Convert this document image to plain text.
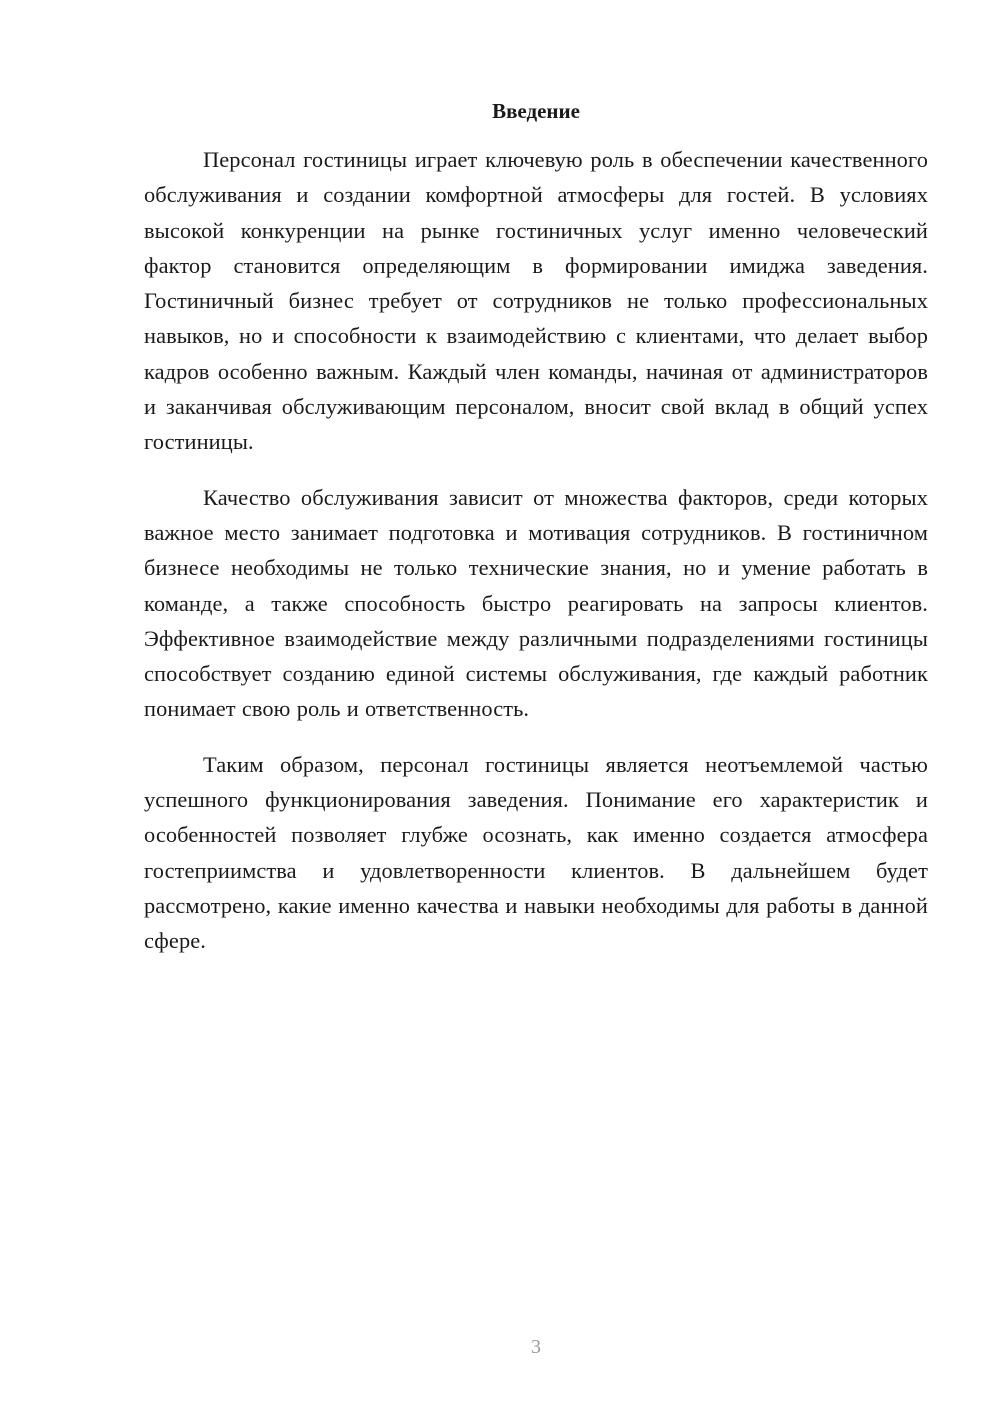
Введение

Персонал гостиницы играет ключевую роль в обеспечении качественного обслуживания и создании комфортной атмосферы для гостей. В условиях высокой конкуренции на рынке гостиничных услуг именно человеческий фактор становится определяющим в формировании имиджа заведения. Гостиничный бизнес требует от сотрудников не только профессиональных навыков, но и способности к взаимодействию с клиентами, что делает выбор кадров особенно важным. Каждый член команды, начиная от администраторов и заканчивая обслуживающим персоналом, вносит свой вклад в общий успех гостиницы.

Качество обслуживания зависит от множества факторов, среди которых важное место занимает подготовка и мотивация сотрудников. В гостиничном бизнесе необходимы не только технические знания, но и умение работать в команде, а также способность быстро реагировать на запросы клиентов. Эффективное взаимодействие между различными подразделениями гостиницы способствует созданию единой системы обслуживания, где каждый работник понимает свою роль и ответственность.

Таким образом, персонал гостиницы является неотъемлемой частью успешного функционирования заведения. Понимание его характеристик и особенностей позволяет глубже осознать, как именно создается атмосфера гостеприимства и удовлетворенности клиентов. В дальнейшем будет рассмотрено, какие именно качества и навыки необходимы для работы в данной сфере.

3
